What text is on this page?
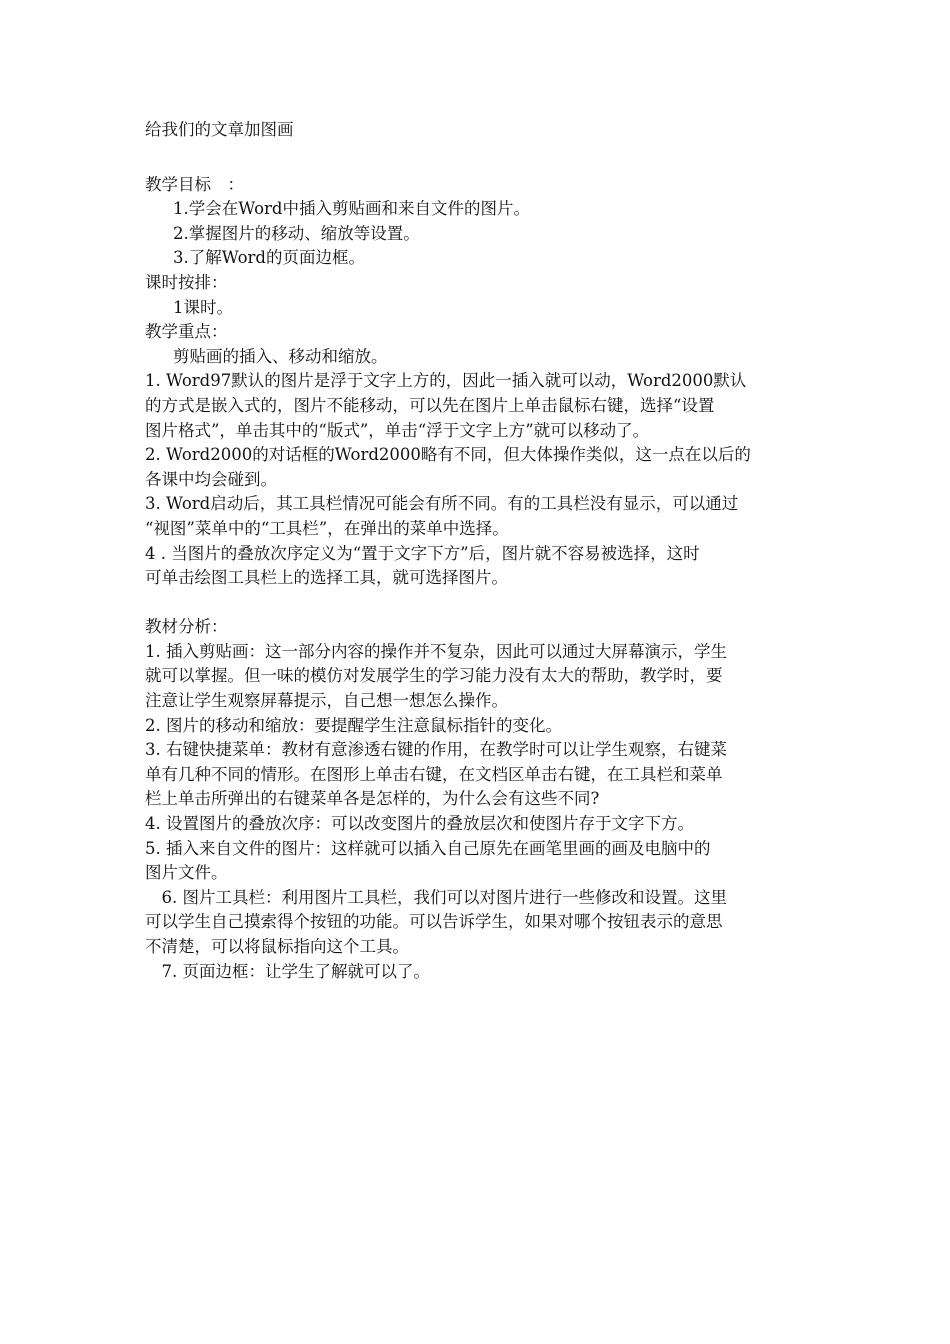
给我们的文章加图画
教学目标　：
1.学会在Word中插入剪贴画和来自文件的图片。
2.掌握图片的移动、缩放等设置。
3.了解Word的页面边框。
课时按排：
1课时。
教学重点：
剪贴画的插入、移动和缩放。
1. Word97默认的图片是浮于文字上方的，因此一插入就可以动，Word2000默认
的方式是嵌入式的，图片不能移动，可以先在图片上单击鼠标右键，选择“设置
图片格式”，单击其中的“版式”，单击“浮于文字上方”就可以移动了。
2. Word2000的对话框的Word2000略有不同，但大体操作类似，这一点在以后的
各课中均会碰到。
3. Word启动后，其工具栏情况可能会有所不同。有的工具栏没有显示，可以通过
“视图”菜单中的“工具栏”，在弹出的菜单中选择。
4 . 当图片的叠放次序定义为“置于文字下方”后，图片就不容易被选择，这时
可单击绘图工具栏上的选择工具，就可选择图片。
教材分析：
1. 插入剪贴画：这一部分内容的操作并不复杂，因此可以通过大屏幕演示，学生
就可以掌握。但一味的模仿对发展学生的学习能力没有太大的帮助，教学时，要
注意让学生观察屏幕提示，自己想一想怎么操作。
2. 图片的移动和缩放：要提醒学生注意鼠标指针的变化。
3. 右键快捷菜单：教材有意渗透右键的作用，在教学时可以让学生观察，右键菜
单有几种不同的情形。在图形上单击右键，在文档区单击右键，在工具栏和菜单
栏上单击所弹出的右键菜单各是怎样的，为什么会有这些不同?
4. 设置图片的叠放次序：可以改变图片的叠放层次和使图片存于文字下方。
5. 插入来自文件的图片：这样就可以插入自己原先在画笔里画的画及电脑中的
图片文件。
　6. 图片工具栏：利用图片工具栏，我们可以对图片进行一些修改和设置。这里
可以学生自己摸索得个按钮的功能。可以告诉学生，如果对哪个按钮表示的意思
不清楚，可以将鼠标指向这个工具。
　7. 页面边框：让学生了解就可以了。
